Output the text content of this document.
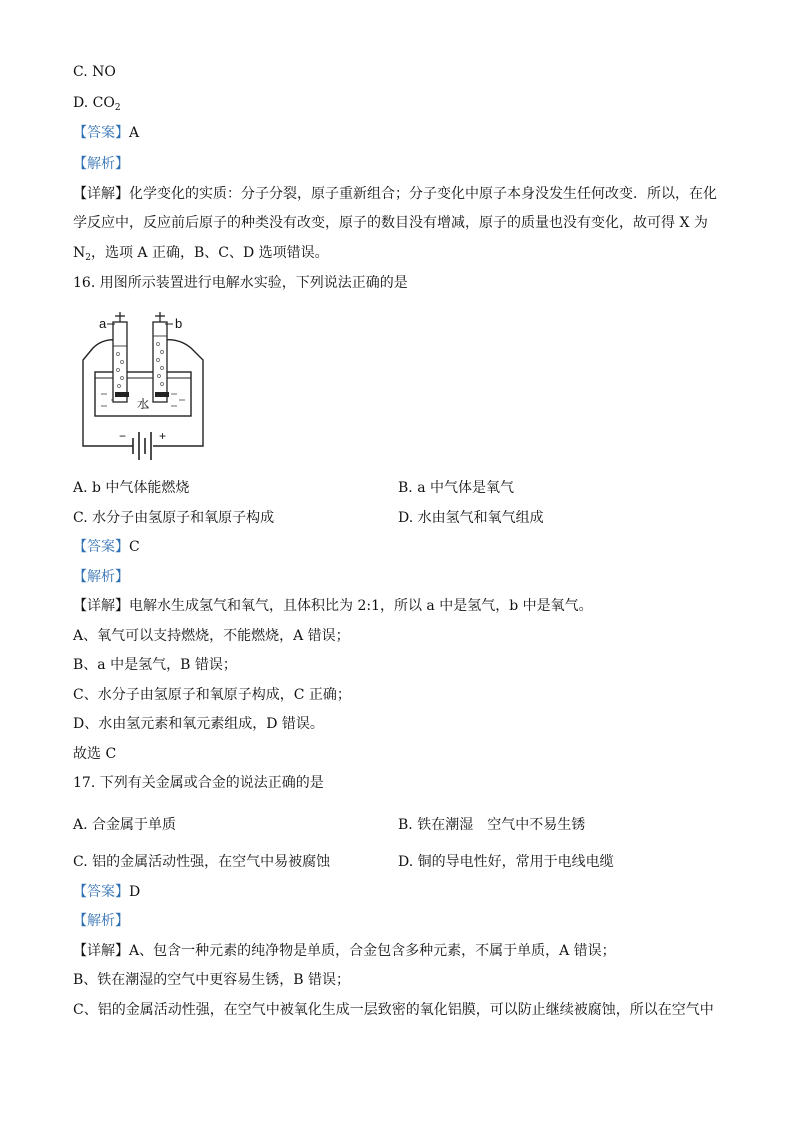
C. NO
D. $CO_2$
【答案】A
【解析】
【详解】化学变化的实质：分子分裂，原子重新组合；分子变化中原子本身没发生任何改变．所以，在化
学反应中，反应前后原子的种类没有改变，原子的数目没有增减，原子的质量也没有变化，故可得 X 为
$N_2$，选项 A 正确，B、C、D 选项错误。
16. 用图所示装置进行电解水实验，下列说法正确的是
a	b
水
−	+
A. b 中气体能燃烧	B. a 中气体是氧气
C. 水分子由氢原子和氧原子构成	D. 水由氢气和氧气组成
【答案】C
【解析】
【详解】电解水生成氢气和氧气，且体积比为 2:1，所以 a 中是氢气，b 中是氧气。
A、氧气可以支持燃烧，不能燃烧，A 错误；
B、a 中是氢气，B 错误；
C、水分子由氢原子和氧原子构成，C 正确；
D、水由氢元素和氧元素组成，D 错误。
故选 C
17. 下列有关金属或合金的说法正确的是
A. 合金属于单质	B. 铁在潮湿　空气中不易生锈
C. 铝的金属活动性强，在空气中易被腐蚀	D. 铜的导电性好，常用于电线电缆
【答案】D
【解析】
【详解】A、包含一种元素的纯净物是单质，合金包含多种元素，不属于单质，A 错误；
B、铁在潮湿的空气中更容易生锈，B 错误；
C、铝的金属活动性强，在空气中被氧化生成一层致密的氧化铝膜，可以防止继续被腐蚀，所以在空气中
